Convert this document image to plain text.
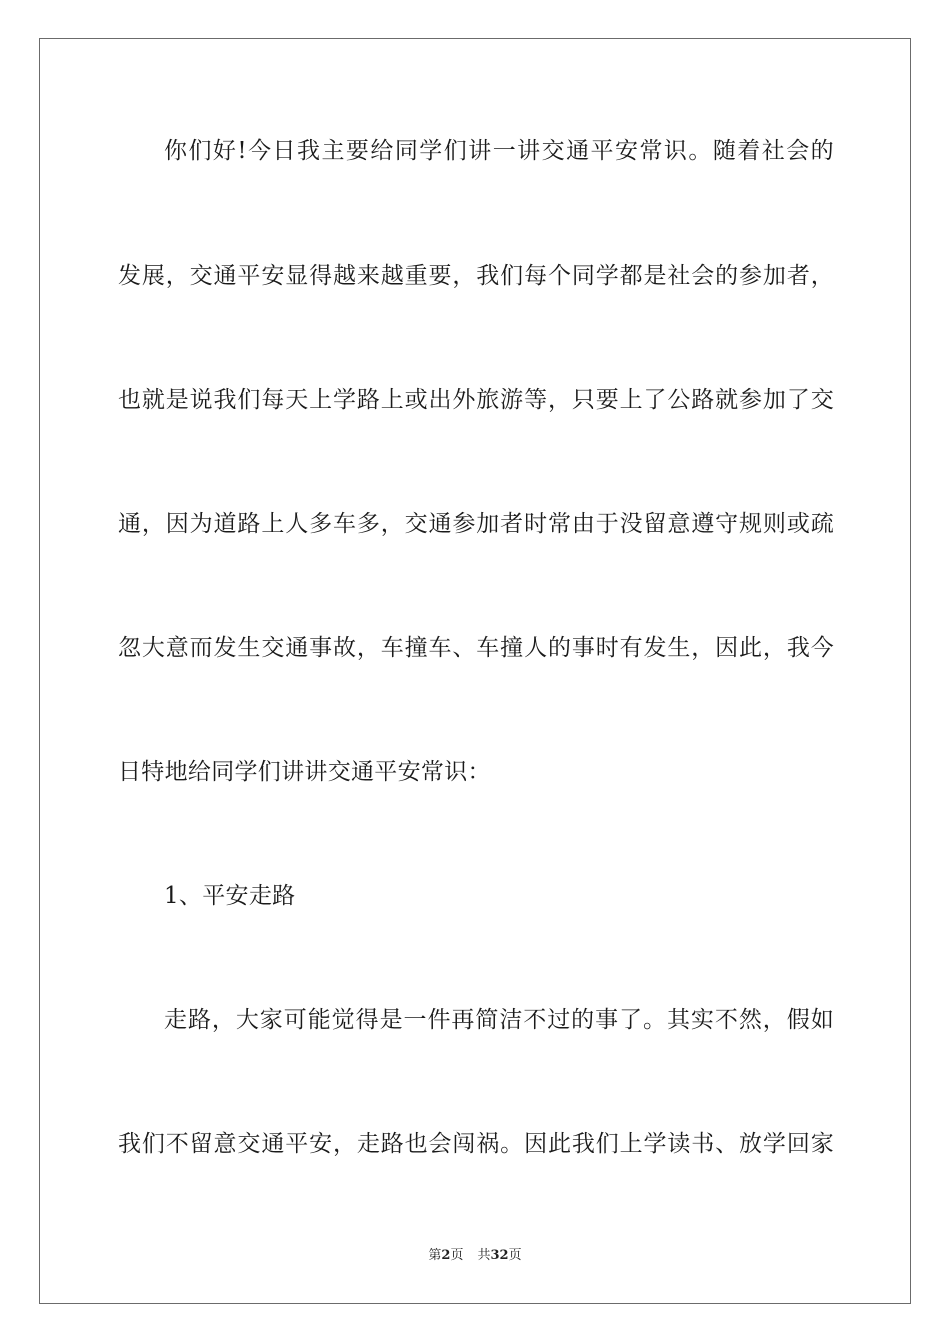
你们好!今日我主要给同学们讲一讲交通平安常识。随着社会的
发展，交通平安显得越来越重要，我们每个同学都是社会的参加者，
也就是说我们每天上学路上或出外旅游等，只要上了公路就参加了交
通，因为道路上人多车多，交通参加者时常由于没留意遵守规则或疏
忽大意而发生交通事故，车撞车、车撞人的事时有发生，因此，我今
日特地给同学们讲讲交通平安常识：
1、平安走路
走路，大家可能觉得是一件再简洁不过的事了。其实不然，假如
我们不留意交通平安，走路也会闯祸。因此我们上学读书、放学回家
第2页 共32页
